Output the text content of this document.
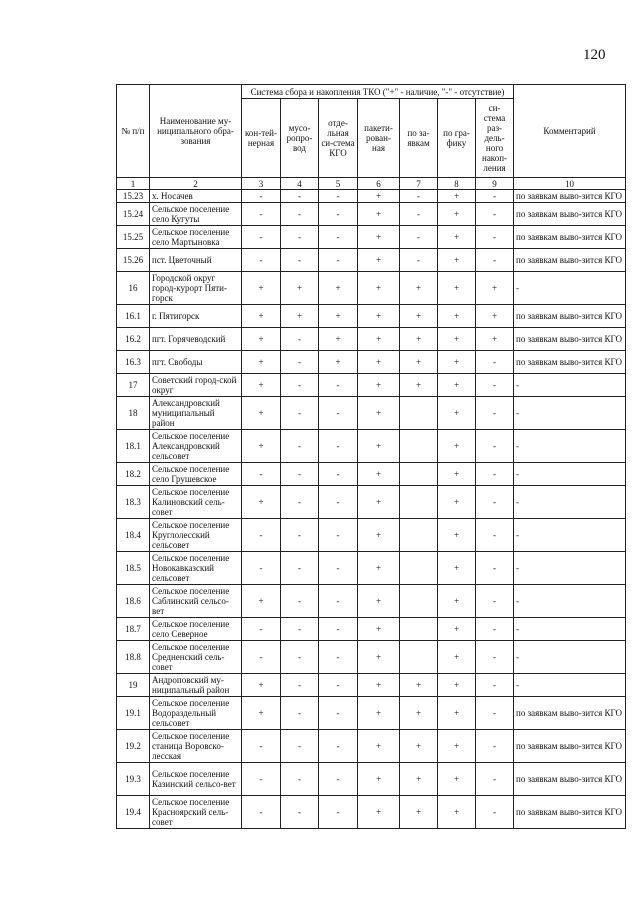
120
№ п/п	Наименование му-ниципального обра-зования	Система сбора и накопления ТКО ("+" - наличие, "-" - отсутствие)							Комментарий
		кон-тей-нерная	мусо-ропро-вод	отде-льная си-стема КГО	пакети-рован-ная	по за-явкам	по гра-фику	си-стема раз-дель-ного накоп-ления	
1	2	3	4	5	6	7	8	9	10
15.23	х. Носачев	-	-	-	+	-	+	-	по заявкам выво-зится КГО
15.24	Сельское поселение село Кугуты	-	-	-	+	-	+	-	по заявкам выво-зится КГО
15.25	Сельское поселение село Мартыновка	-	-	-	+	-	+	-	по заявкам выво-зится КГО
15.26	пст. Цветочный	-	-	-	+	-	+	-	по заявкам выво-зится КГО
16	Городской округ город-курорт Пяти-горск	+	+	+	+	+	+	+	-
16.1	г. Пятигорск	+	+	+	+	+	+	+	по заявкам выво-зится КГО
16.2	пгт. Горячеводский	+	-	+	+	+	+	+	по заявкам выво-зится КГО
16.3	пгт. Свободы	+	-	+	+	+	+	-	по заявкам выво-зится КГО
17	Советский город-ской округ	+	-	-	+	+	+	-	-
18	Александровский муниципальный район	+	-	-	+		+	-	-
18.1	Сельское поселение Александровский сельсовет	+	-	-	+		+	-	-
18.2	Сельское поселение село Грушевское	-	-	-	+		+	-	-
18.3	Сельское поселение Калиновский сель-совет	+	-	-	+		+	-	-
18.4	Сельское поселение Круглолесский сельсовет	-	-	-	+		+	-	-
18.5	Сельское поселение Новокавказский сельсовет	-	-	-	+		+	-	-
18.6	Сельское поселение Саблинский сельсо-вет	+	-	-	+		+	-	-
18.7	Сельское поселение село Северное	-	-	-	+		+	-	-
18.8	Сельское поселение Средненский сель-совет	-	-	-	+		+	-	-
19	Андроповский му-ниципальный район	+	-	-	+	+	+	-	-
19.1	Сельское поселение Водораздельный сельсовет	+	-	-	+	+	+	-	по заявкам выво-зится КГО
19.2	Сельское поселение станица Воровско-лесская	-	-	-	+	+	+	-	по заявкам выво-зится КГО
19.3	Сельское поселение Казинский сельсо-вет	-	-	-	+	+	+	-	по заявкам выво-зится КГО
19.4	Сельское поселение Красноярский сель-совет	-	-	-	+	+	+	-	по заявкам выво-зится КГО
